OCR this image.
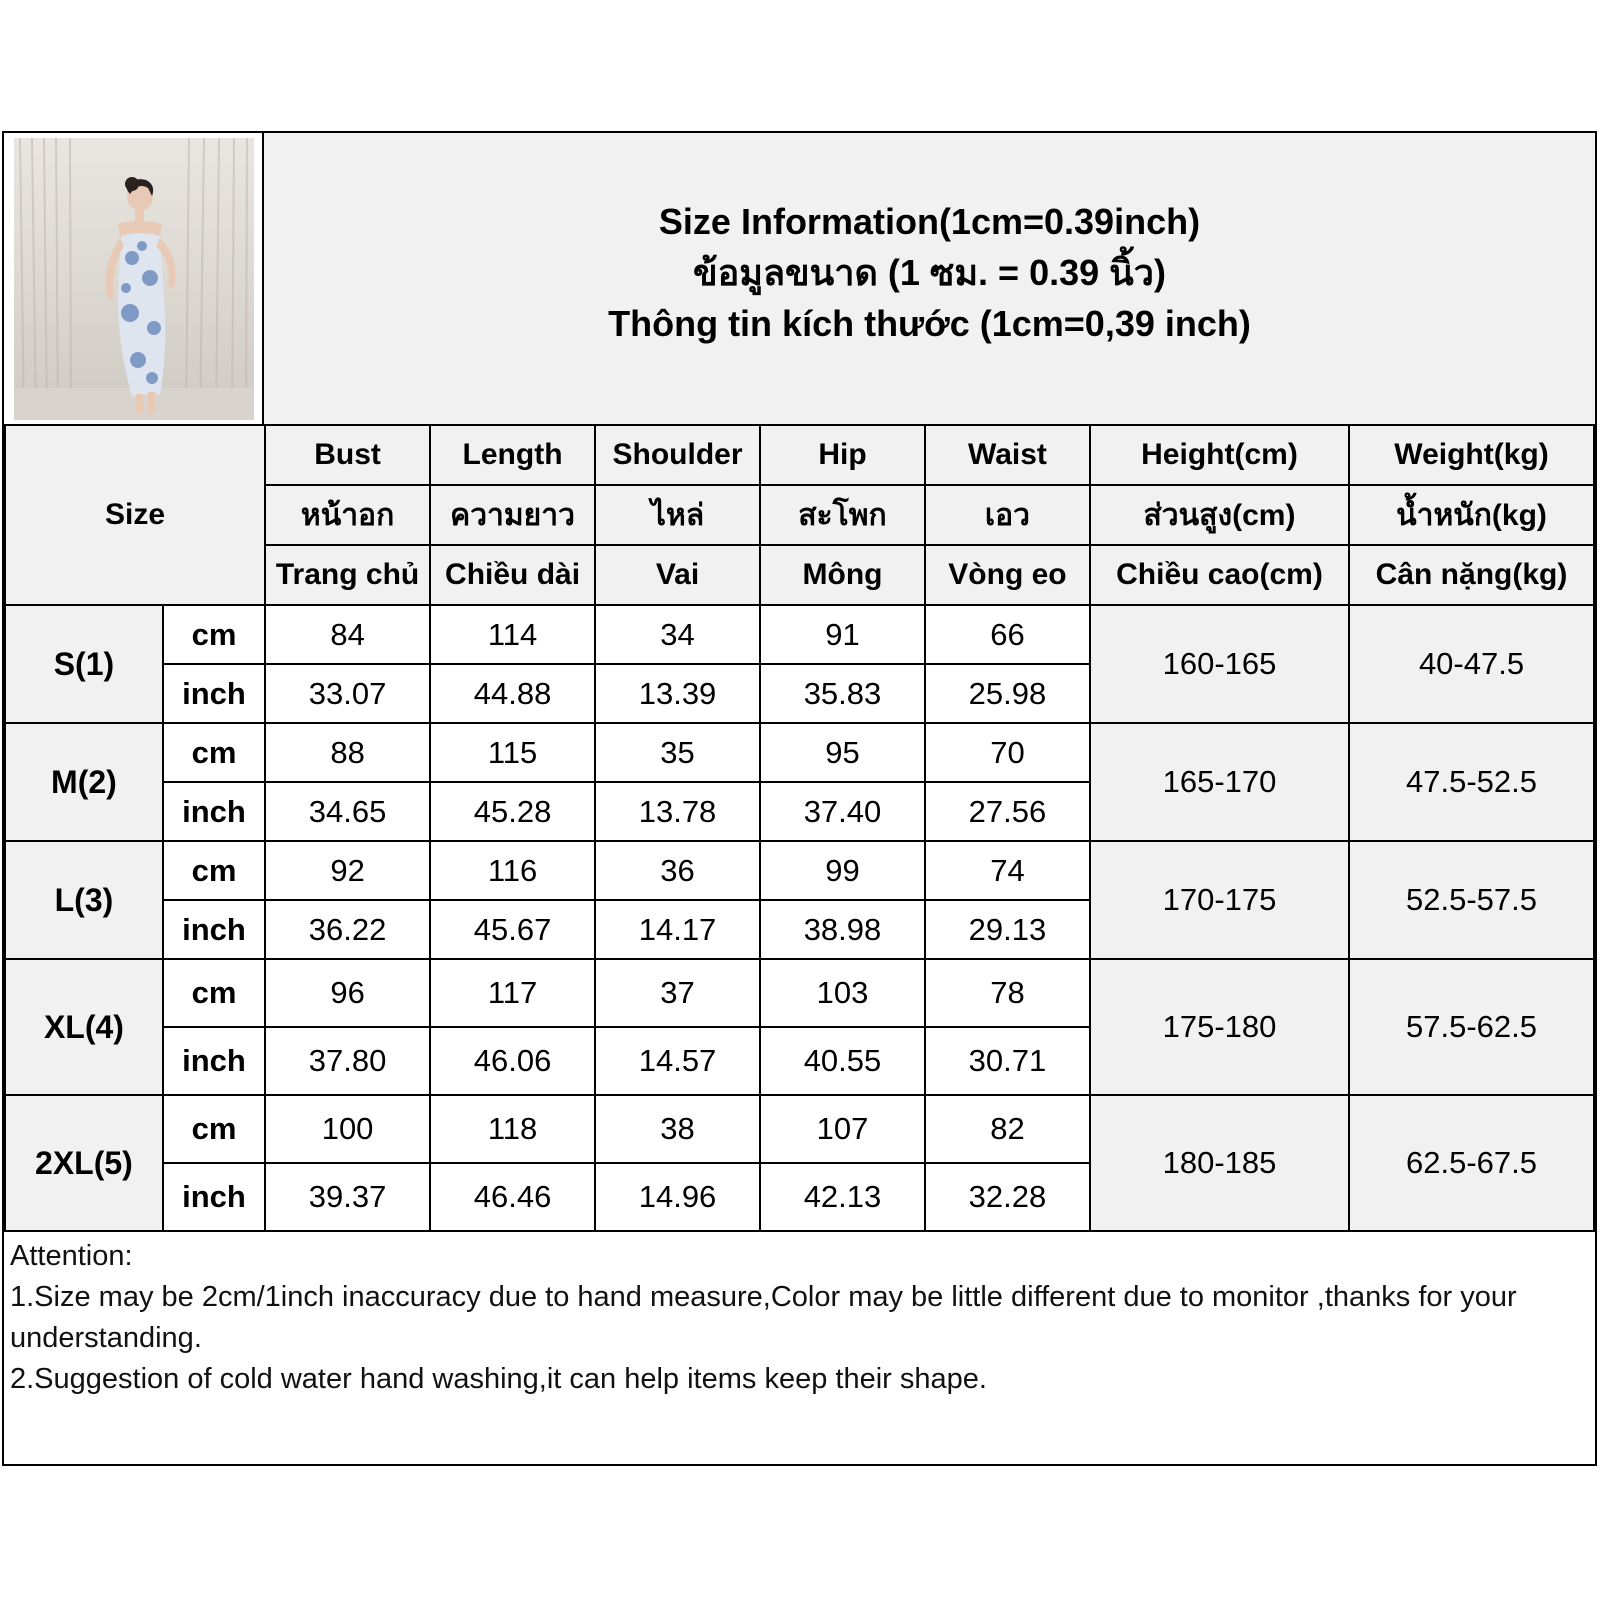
Size Information(1cm=0.39inch)
ข้อมูลขนาด (1 ซม. = 0.39 นิ้ว)
Thông tin kích thước (1cm=0,39 inch)
Size		Bust	Length	Shoulder	Hip	Waist	Height(cm)	Weight(kg)
		หน้าอก	ความยาว	ไหล่	สะโพก	เอว	ส่วนสูง(cm)	น้ำหนัก(kg)
		Trang chủ	Chiều dài	Vai	Mông	Vòng eo	Chiều cao(cm)	Cân nặng(kg)
S(1)	cm	84	114	34	91	66	160-165	40-47.5
	inch	33.07	44.88	13.39	35.83	25.98		
M(2)	cm	88	115	35	95	70	165-170	47.5-52.5
	inch	34.65	45.28	13.78	37.40	27.56		
L(3)	cm	92	116	36	99	74	170-175	52.5-57.5
	inch	36.22	45.67	14.17	38.98	29.13		
XL(4)	cm	96	117	37	103	78	175-180	57.5-62.5
	inch	37.80	46.06	14.57	40.55	30.71		
2XL(5)	cm	100	118	38	107	82	180-185	62.5-67.5
	inch	39.37	46.46	14.96	42.13	32.28		
Attention:
1.Size may be 2cm/1inch inaccuracy due to hand measure,Color may be little different due to monitor ,thanks for your understanding.
2.Suggestion of cold water hand washing,it can help items keep their shape.
